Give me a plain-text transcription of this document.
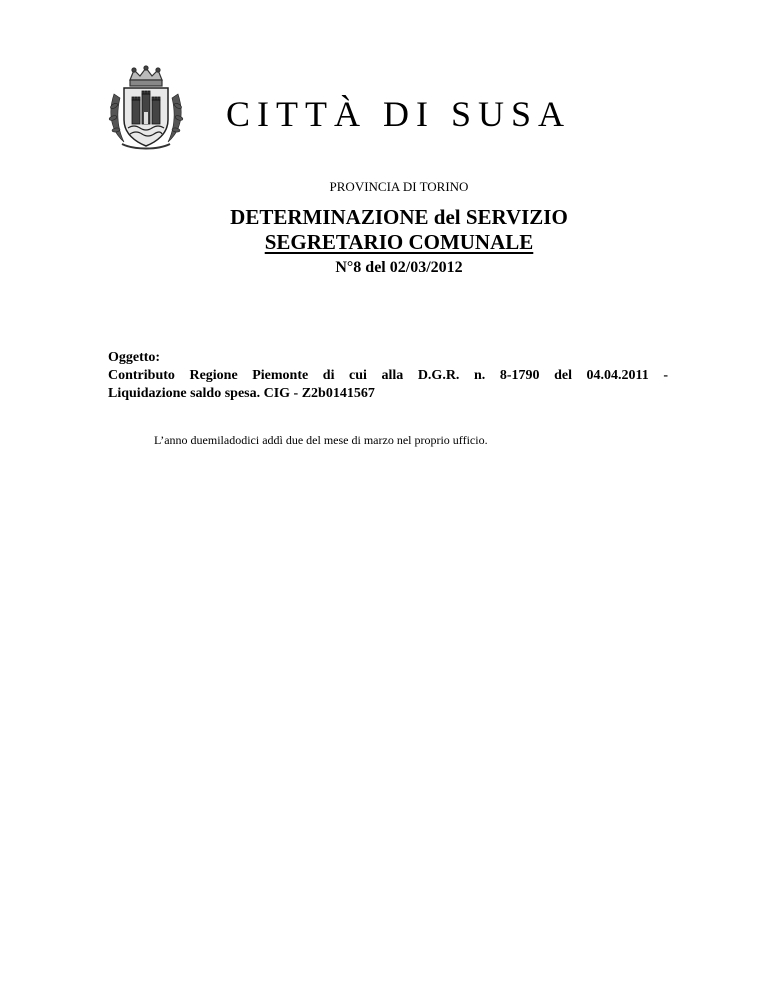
CITTÀ DI SUSA
PROVINCIA DI TORINO
DETERMINAZIONE del SERVIZIO
SEGRETARIO COMUNALE
N°8 del 02/03/2012
Oggetto:
Contributo Regione Piemonte di cui alla D.G.R. n. 8-1790 del 04.04.2011 -
Liquidazione saldo spesa. CIG - Z2b0141567
L’anno duemiladodici addì due del mese di marzo nel proprio ufficio.
